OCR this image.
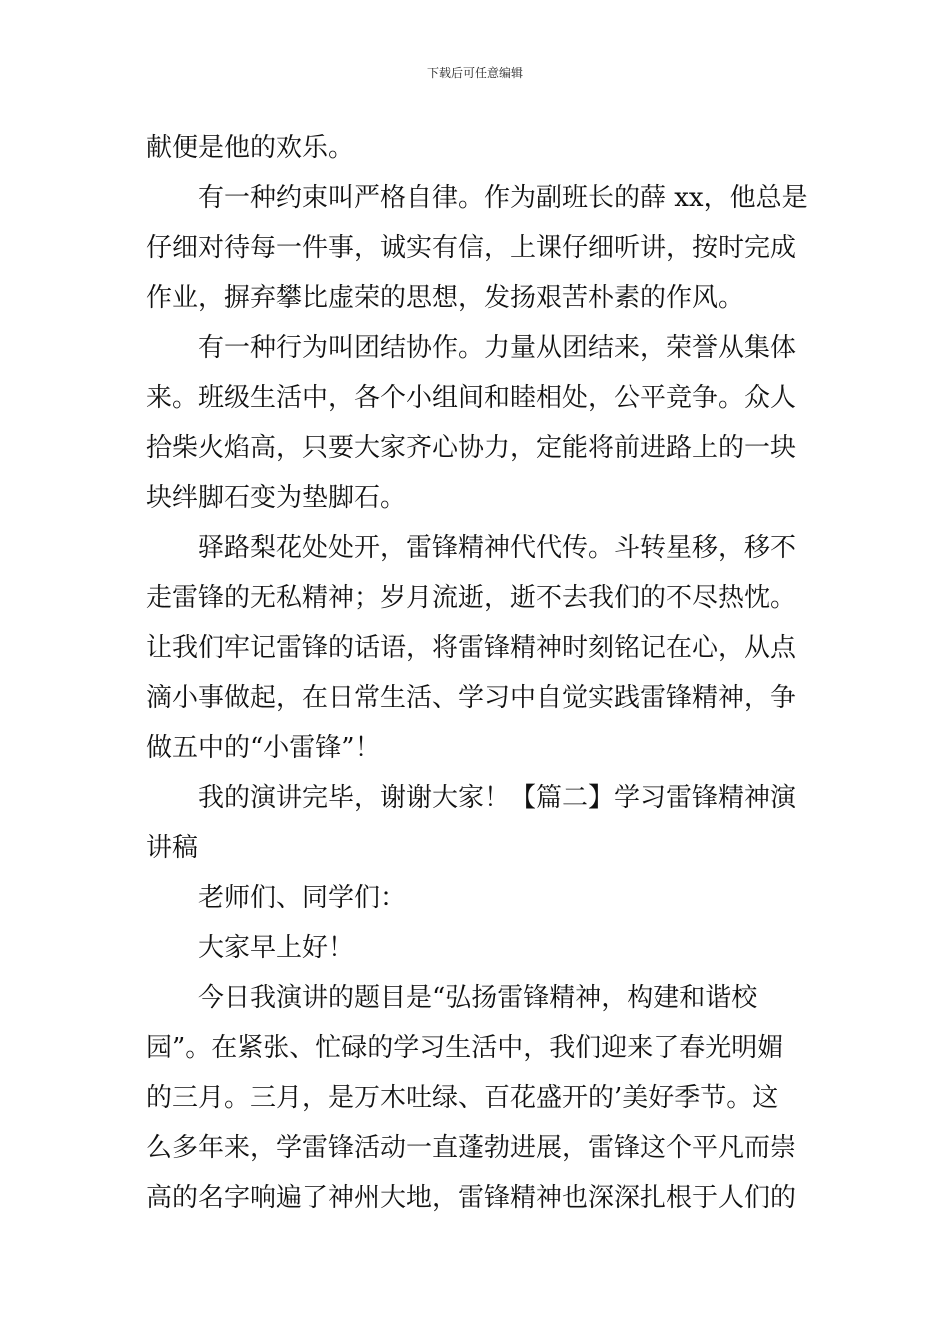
下载后可任意编辑
献便是他的欢乐。
有一种约束叫严格自律。作为副班长的薛 xx，他总是
仔细对待每一件事，诚实有信，上课仔细听讲，按时完成
作业，摒弃攀比虚荣的思想，发扬艰苦朴素的作风。
有一种行为叫团结协作。力量从团结来，荣誉从集体
来。班级生活中，各个小组间和睦相处，公平竞争。众人
拾柴火焰高，只要大家齐心协力，定能将前进路上的一块
块绊脚石变为垫脚石。
驿路梨花处处开，雷锋精神代代传。斗转星移，移不
走雷锋的无私精神；岁月流逝，逝不去我们的不尽热忱。
让我们牢记雷锋的话语，将雷锋精神时刻铭记在心，从点
滴小事做起，在日常生活、学习中自觉实践雷锋精神，争
做五中的“小雷锋”！
我的演讲完毕，谢谢大家！【篇二】学习雷锋精神演
讲稿
老师们、同学们：
大家早上好！
今日我演讲的题目是“弘扬雷锋精神，构建和谐校
园”。在紧张、忙碌的学习生活中，我们迎来了春光明媚
的三月。三月，是万木吐绿、百花盛开的’美好季节。这
么多年来，学雷锋活动一直蓬勃进展，雷锋这个平凡而崇
高的名字响遍了神州大地，雷锋精神也深深扎根于人们的
